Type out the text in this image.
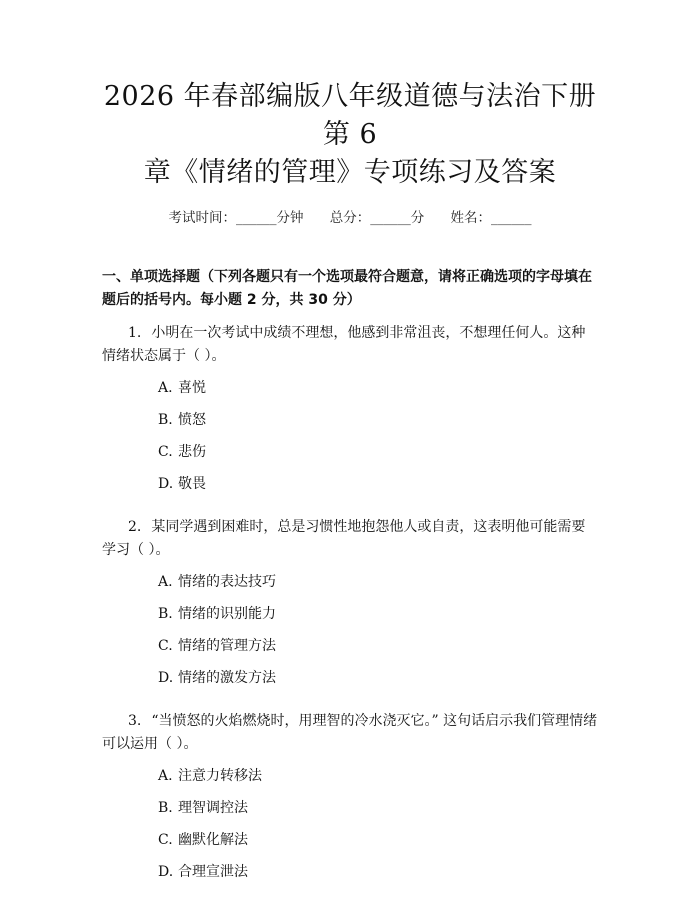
2026 年春部编版八年级道德与法治下册第 6
章《情绪的管理》专项练习及答案
考试时间：______分钟 总分：______分 姓名：______
一、单项选择题（下列各题只有一个选项最符合题意，请将正确选项的字母填在题后的括号内。每小题 2 分，共 30 分）
1. 小明在一次考试中成绩不理想，他感到非常沮丧，不想理任何人。这种情绪状态属于（ ）。
A. 喜悦
B. 愤怒
C. 悲伤
D. 敬畏
2. 某同学遇到困难时，总是习惯性地抱怨他人或自责，这表明他可能需要学习（ ）。
A. 情绪的表达技巧
B. 情绪的识别能力
C. 情绪的管理方法
D. 情绪的激发方法
3. “当愤怒的火焰燃烧时，用理智的冷水浇灭它。” 这句话启示我们管理情绪可以运用（ ）。
A. 注意力转移法
B. 理智调控法
C. 幽默化解法
D. 合理宣泄法
